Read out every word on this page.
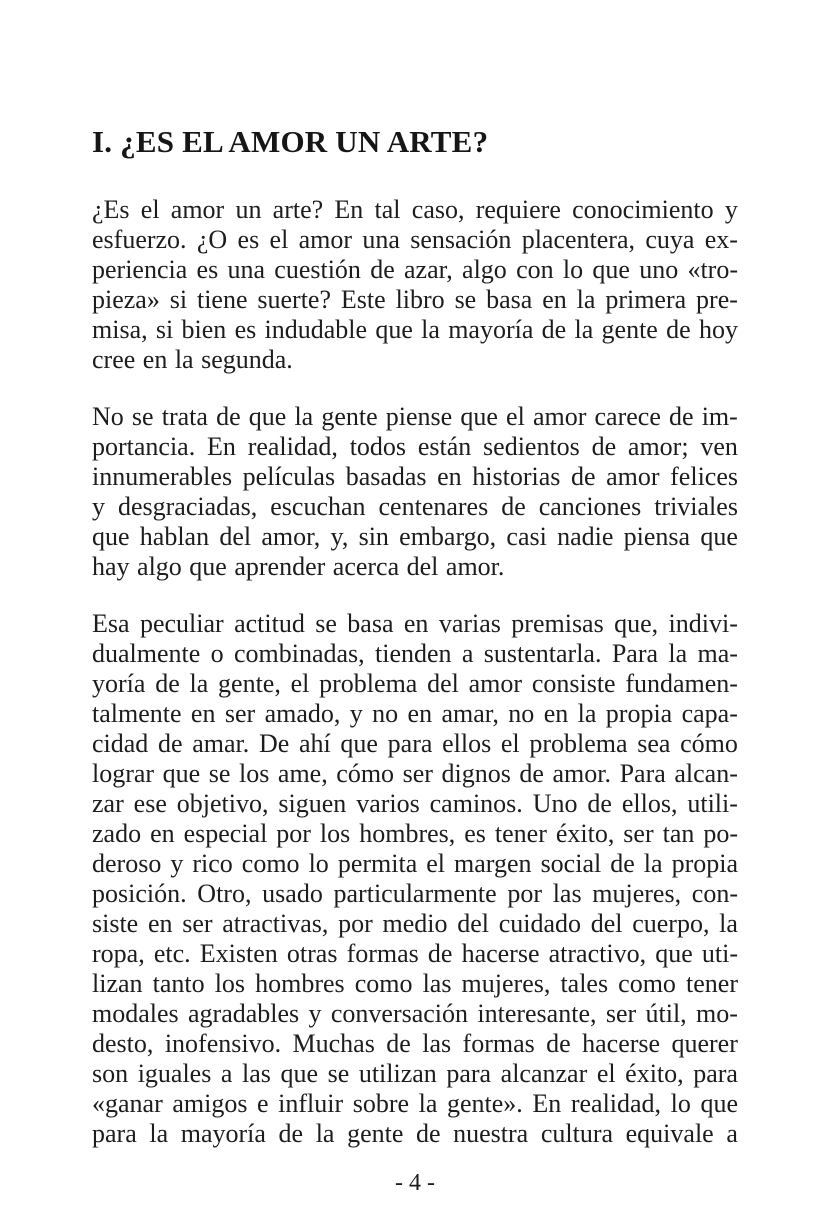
I. ¿ES EL AMOR UN ARTE?
¿Es el amor un arte? En tal caso, requiere conocimiento y
esfuerzo. ¿O es el amor una sensación placentera, cuya ex-
periencia es una cuestión de azar, algo con lo que uno «tro-
pieza» si tiene suerte? Este libro se basa en la primera pre-
misa, si bien es indudable que la mayoría de la gente de hoy
cree en la segunda.
No se trata de que la gente piense que el amor carece de im-
portancia. En realidad, todos están sedientos de amor; ven
innumerables películas basadas en historias de amor felices
y desgraciadas, escuchan centenares de canciones triviales
que hablan del amor, y, sin embargo, casi nadie piensa que
hay algo que aprender acerca del amor.
Esa peculiar actitud se basa en varias premisas que, indivi-
dualmente o combinadas, tienden a sustentarla. Para la ma-
yoría de la gente, el problema del amor consiste fundamen-
talmente en ser amado, y no en amar, no en la propia capa-
cidad de amar. De ahí que para ellos el problema sea cómo
lograr que se los ame, cómo ser dignos de amor. Para alcan-
zar ese objetivo, siguen varios caminos. Uno de ellos, utili-
zado en especial por los hombres, es tener éxito, ser tan po-
deroso y rico como lo permita el margen social de la propia
posición. Otro, usado particularmente por las mujeres, con-
siste en ser atractivas, por medio del cuidado del cuerpo, la
ropa, etc. Existen otras formas de hacerse atractivo, que uti-
lizan tanto los hombres como las mujeres, tales como tener
modales agradables y conversación interesante, ser útil, mo-
desto, inofensivo. Muchas de las formas de hacerse querer
son iguales a las que se utilizan para alcanzar el éxito, para
«ganar amigos e influir sobre la gente». En realidad, lo que
para la mayoría de la gente de nuestra cultura equivale a
- 4 -
